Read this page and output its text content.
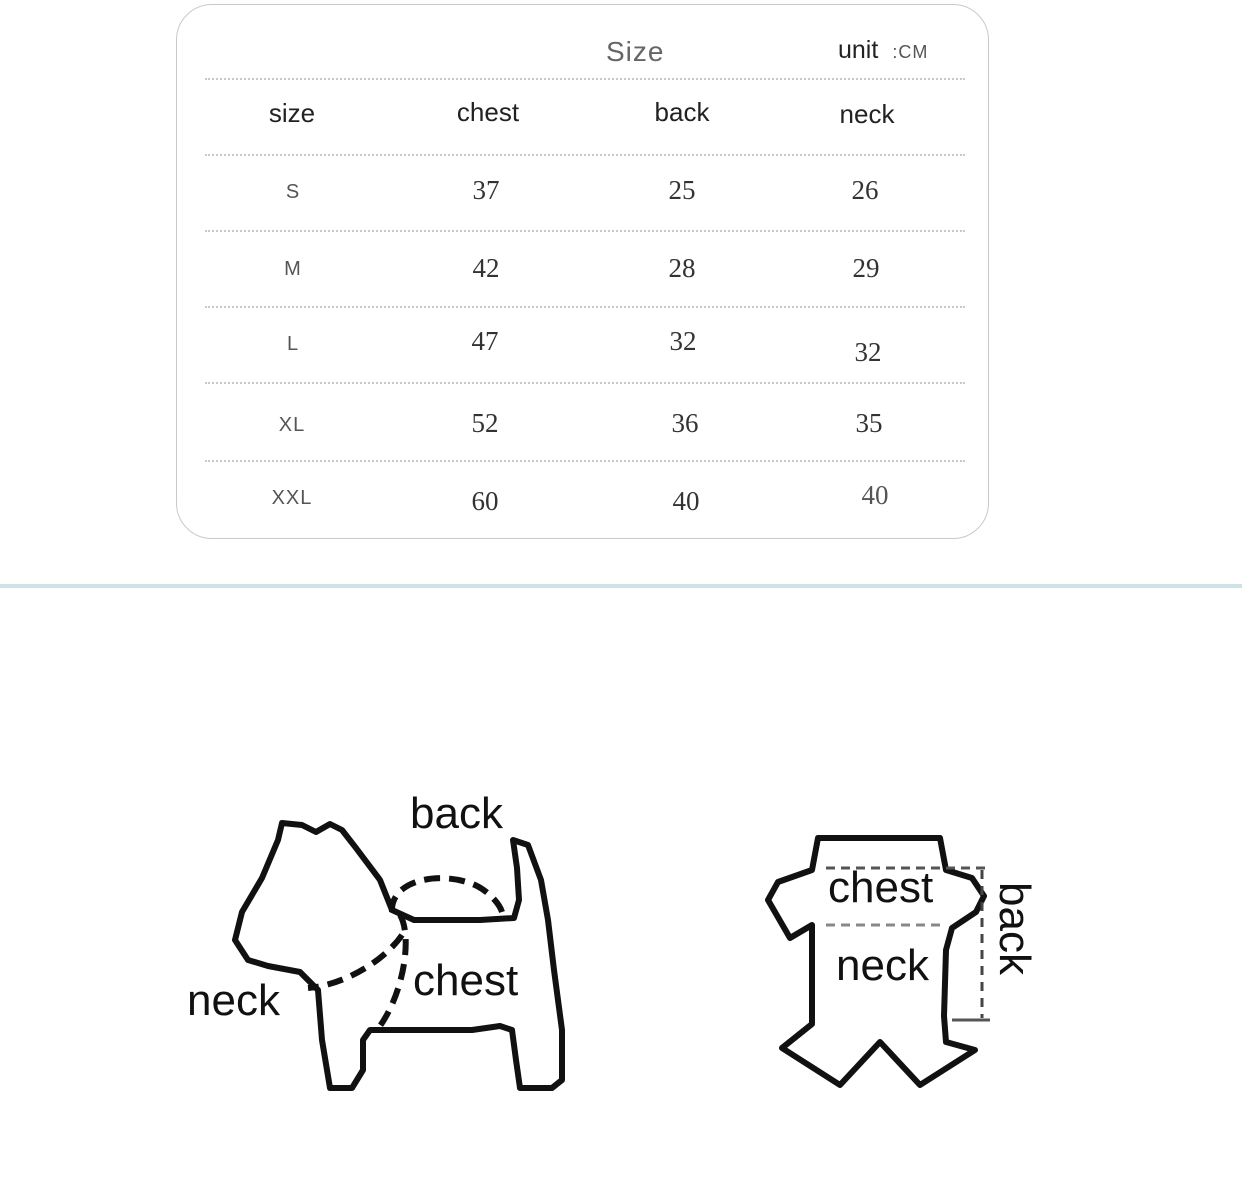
Size	unit :CM
size	chest	back	neck
S	37	25	26
M	42	28	29
L	47	32	32
XL	52	36	35
XXL	60	40	40
back
neck	chest
chest
neck back
